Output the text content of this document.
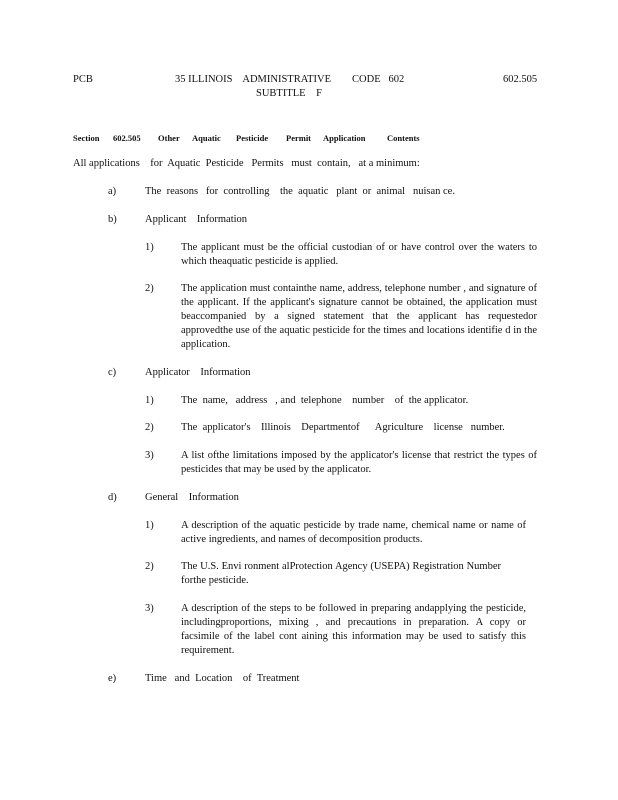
PCB	35 ILLINOIS    ADMINISTRATIVE        CODE   602
SUBTITLE    F
602.505
Section 602.505 Other Aquatic Pesticide Permit Application	Contents
All applications    for  Aquatic  Pesticide   Permits   must  contain,   at a minimum:
a)	The  reasons   for  controlling    the  aquatic   plant  or  animal   nuisan ce.
b)	Applicant    Information
1)	The applicant must be the official custodian of or have control over the waters to which theaquatic pesticide is applied.
2)	The application must containthe name, address, telephone number , and signature of the applicant. If the applicant's signature cannot be obtained, the application must beaccompanied by a signed statement that the applicant has requestedor approvedthe use of the aquatic pesticide for the times and locations identifie d in the application.
c)	Applicator    Information
1)	The  name,   address   , and  telephone    number    of  the applicator.
2)	The  applicator's    Illinois    Departmentof      Agriculture    license   number.
3)	A list ofthe limitations imposed by the applicator's license that restrict the types of pesticides that may be used by the applicator.
d)	General    Information
1)	A description of the aquatic pesticide by trade name, chemical name or name of active ingredients, and names of decomposition products.
2)	The U.S. Envi ronment alProtection Agency (USEPA) Registration Number forthe pesticide.
3)	A description of the steps to be followed in preparing andapplying the pesticide, includingproportions, mixing , and precautions in preparation. A copy or facsimile of the label cont aining this information may be used to satisfy this requirement.
e)	Time   and  Location    of  Treatment
